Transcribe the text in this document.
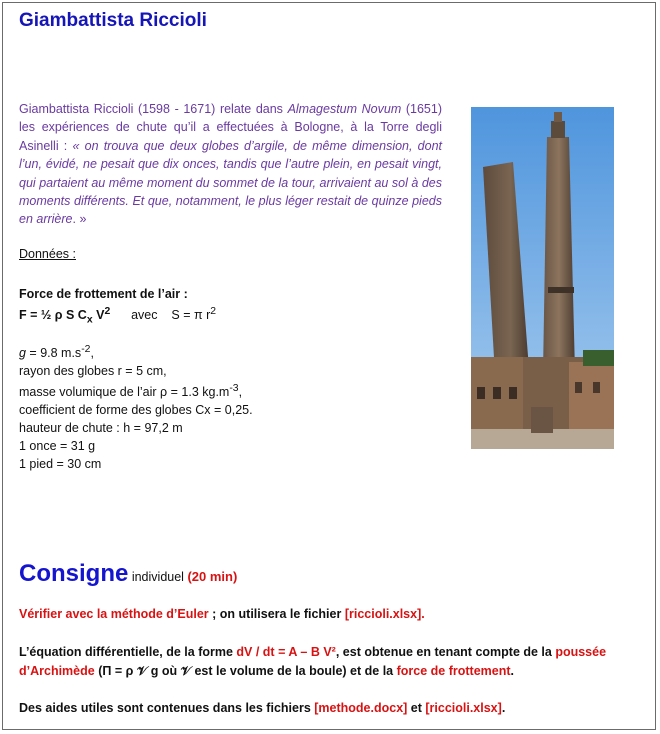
Giambattista Riccioli

Giambattista Riccioli (1598 - 1671) relate dans Almagestum Novum (1651) les expériences de chute qu’il a effectuées à Bologne, à la Torre degli Asinelli : « on trouva que deux globes d’argile, de même dimension, dont l’un, évidé, ne pesait que dix onces, tandis que l’autre plein, en pesait vingt, qui partaient au même moment du sommet de la tour, arrivaient au sol à des moments différents. Et que, notamment, le plus léger restait de quinze pieds en arrière. »

Données :
Force de frottement de l’air :
F = ½ ρ S $C_x$ $V^2$ avec S = π $r^2$
g = 9.8 $m.s^{-2}$,
rayon des globes r = 5 cm,
masse volumique de l’air ρ = 1.3 $kg.m^{-3}$,
coefficient de forme des globes Cx = 0,25.
hauteur de chute : h = 97,2 m
1 once = 31 g
1 pied = 30 cm
Consigne individuel (20 min)

Vérifier avec la méthode d’Euler ; on utilisera le fichier [riccioli.xlsx].

L’équation différentielle, de la forme dV / dt = A – B V², est obtenue en tenant compte de la poussée d’Archimède (Π = ρ 𝒱 g où 𝒱 est le volume de la boule) et de la force de frottement.

Des aides utiles sont contenues dans les fichiers [methode.docx] et [riccioli.xlsx].
